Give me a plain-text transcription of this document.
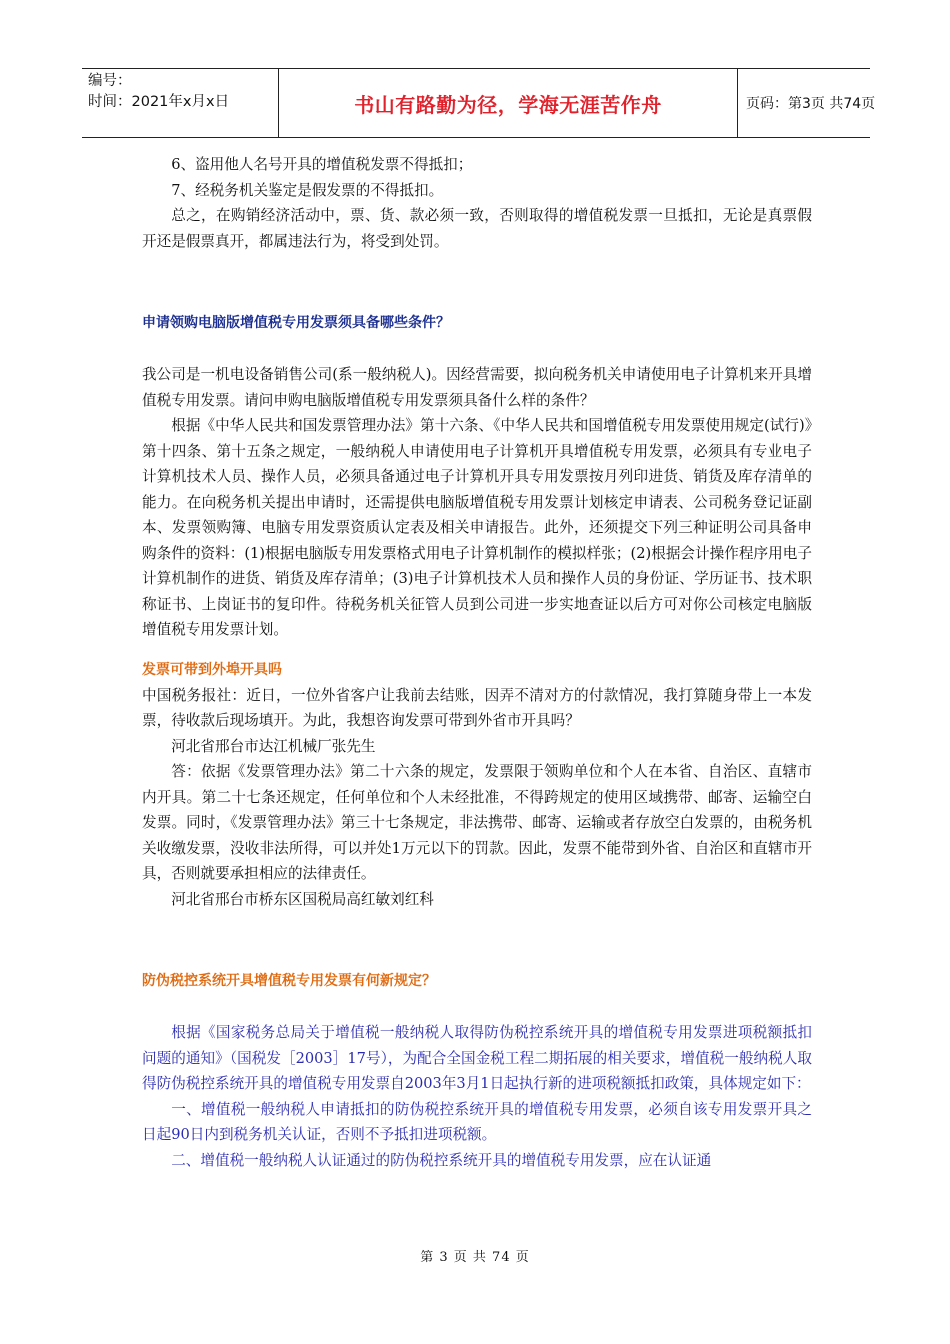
编号：
时间：2021年x月x日	书山有路勤为径，学海无涯苦作舟	页码：第3页 共74页

6、盗用他人名号开具的增值税发票不得抵扣；

7、经税务机关鉴定是假发票的不得抵扣。

总之，在购销经济活动中，票、货、款必须一致，否则取得的增值税发票一旦抵扣，无论是真票假开还是假票真开，都属违法行为，将受到处罚。

申请领购电脑版增值税专用发票须具备哪些条件？

我公司是一机电设备销售公司(系一般纳税人)。因经营需要，拟向税务机关申请使用电子计算机来开具增值税专用发票。请问申购电脑版增值税专用发票须具备什么样的条件？

根据《中华人民共和国发票管理办法》第十六条、《中华人民共和国增值税专用发票使用规定(试行)》第十四条、第十五条之规定，一般纳税人申请使用电子计算机开具增值税专用发票，必须具有专业电子计算机技术人员、操作人员，必须具备通过电子计算机开具专用发票按月列印进货、销货及库存清单的能力。在向税务机关提出申请时，还需提供电脑版增值税专用发票计划核定申请表、公司税务登记证副本、发票领购簿、电脑专用发票资质认定表及相关申请报告。此外，还须提交下列三种证明公司具备申购条件的资料：(1)根据电脑版专用发票格式用电子计算机制作的模拟样张；(2)根据会计操作程序用电子计算机制作的进货、销货及库存清单；(3)电子计算机技术人员和操作人员的身份证、学历证书、技术职称证书、上岗证书的复印件。待税务机关征管人员到公司进一步实地查证以后方可对你公司核定电脑版增值税专用发票计划。

发票可带到外埠开具吗

中国税务报社：近日，一位外省客户让我前去结账，因弄不清对方的付款情况，我打算随身带上一本发票，待收款后现场填开。为此，我想咨询发票可带到外省市开具吗？

河北省邢台市达江机械厂张先生

答：依据《发票管理办法》第二十六条的规定，发票限于领购单位和个人在本省、自治区、直辖市内开具。第二十七条还规定，任何单位和个人未经批准，不得跨规定的使用区域携带、邮寄、运输空白发票。同时，《发票管理办法》第三十七条规定，非法携带、邮寄、运输或者存放空白发票的，由税务机关收缴发票，没收非法所得，可以并处1万元以下的罚款。因此，发票不能带到外省、自治区和直辖市开具，否则就要承担相应的法律责任。

河北省邢台市桥东区国税局高红敏刘红科

防伪税控系统开具增值税专用发票有何新规定？

根据《国家税务总局关于增值税一般纳税人取得防伪税控系统开具的增值税专用发票进项税额抵扣问题的通知》（国税发［2003］17号），为配合全国金税工程二期拓展的相关要求，增值税一般纳税人取得防伪税控系统开具的增值税专用发票自2003年3月1日起执行新的进项税额抵扣政策，具体规定如下：

一、增值税一般纳税人申请抵扣的防伪税控系统开具的增值税专用发票，必须自该专用发票开具之日起90日内到税务机关认证，否则不予抵扣进项税额。

二、增值税一般纳税人认证通过的防伪税控系统开具的增值税专用发票，应在认证通

第 3 页 共 74 页
